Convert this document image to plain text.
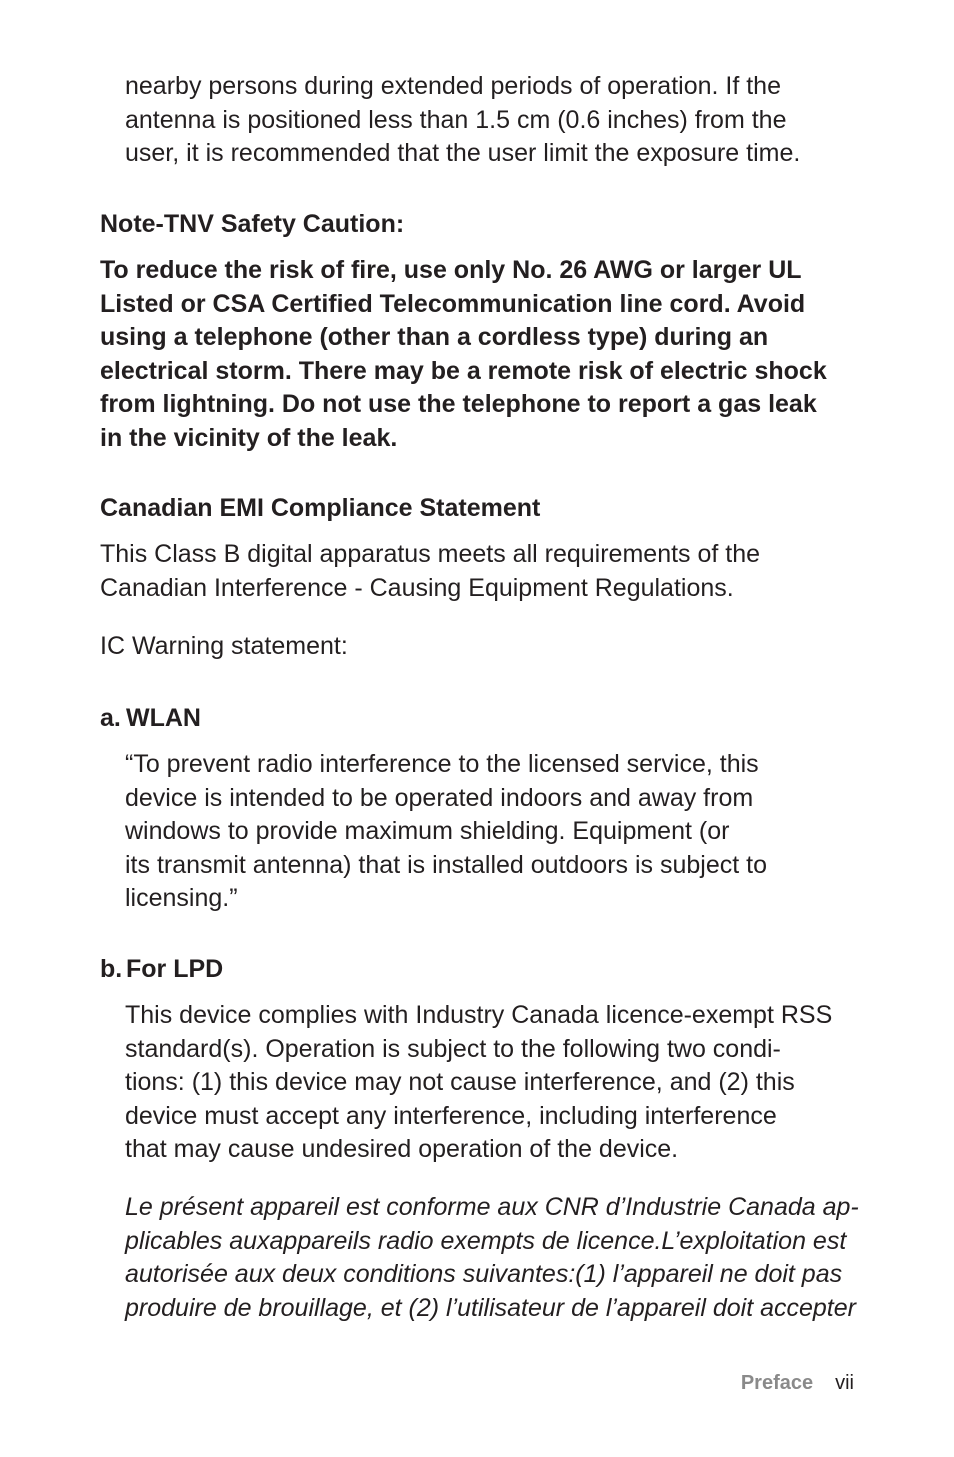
nearby persons during extended periods of operation. If the
antenna is positioned less than 1.5 cm (0.6 inches) from the
user, it is recommended that the user limit the exposure time.

Note-TNV Safety Caution:

To reduce the risk of fire, use only No. 26 AWG or larger UL
Listed or CSA Certified Telecommunication line cord. Avoid
using a telephone (other than a cordless type) during an
electrical storm. There may be a remote risk of electric shock
from lightning. Do not use the telephone to report a gas leak
in the vicinity of the leak.

Canadian EMI Compliance Statement

This Class B digital apparatus meets all requirements of the
Canadian Interference - Causing Equipment Regulations.

IC Warning statement:

a. WLAN

“To prevent radio interference to the licensed service, this
device is intended to be operated indoors and away from
windows to provide maximum shielding. Equipment (or
its transmit antenna) that is installed outdoors is subject to
licensing.”

b. For LPD

This device complies with Industry Canada licence-exempt RSS
standard(s). Operation is subject to the following two condi-
tions: (1) this device may not cause interference, and (2) this
device must accept any interference, including interference
that may cause undesired operation of the device.

Le présent appareil est conforme aux CNR d’Industrie Canada ap-
plicables auxappareils radio exempts de licence.L’exploitation est
autorisée aux deux conditions suivantes:(1) l’appareil ne doit pas
produire de brouillage, et (2) l’utilisateur de l’appareil doit accepter

Preface vii
